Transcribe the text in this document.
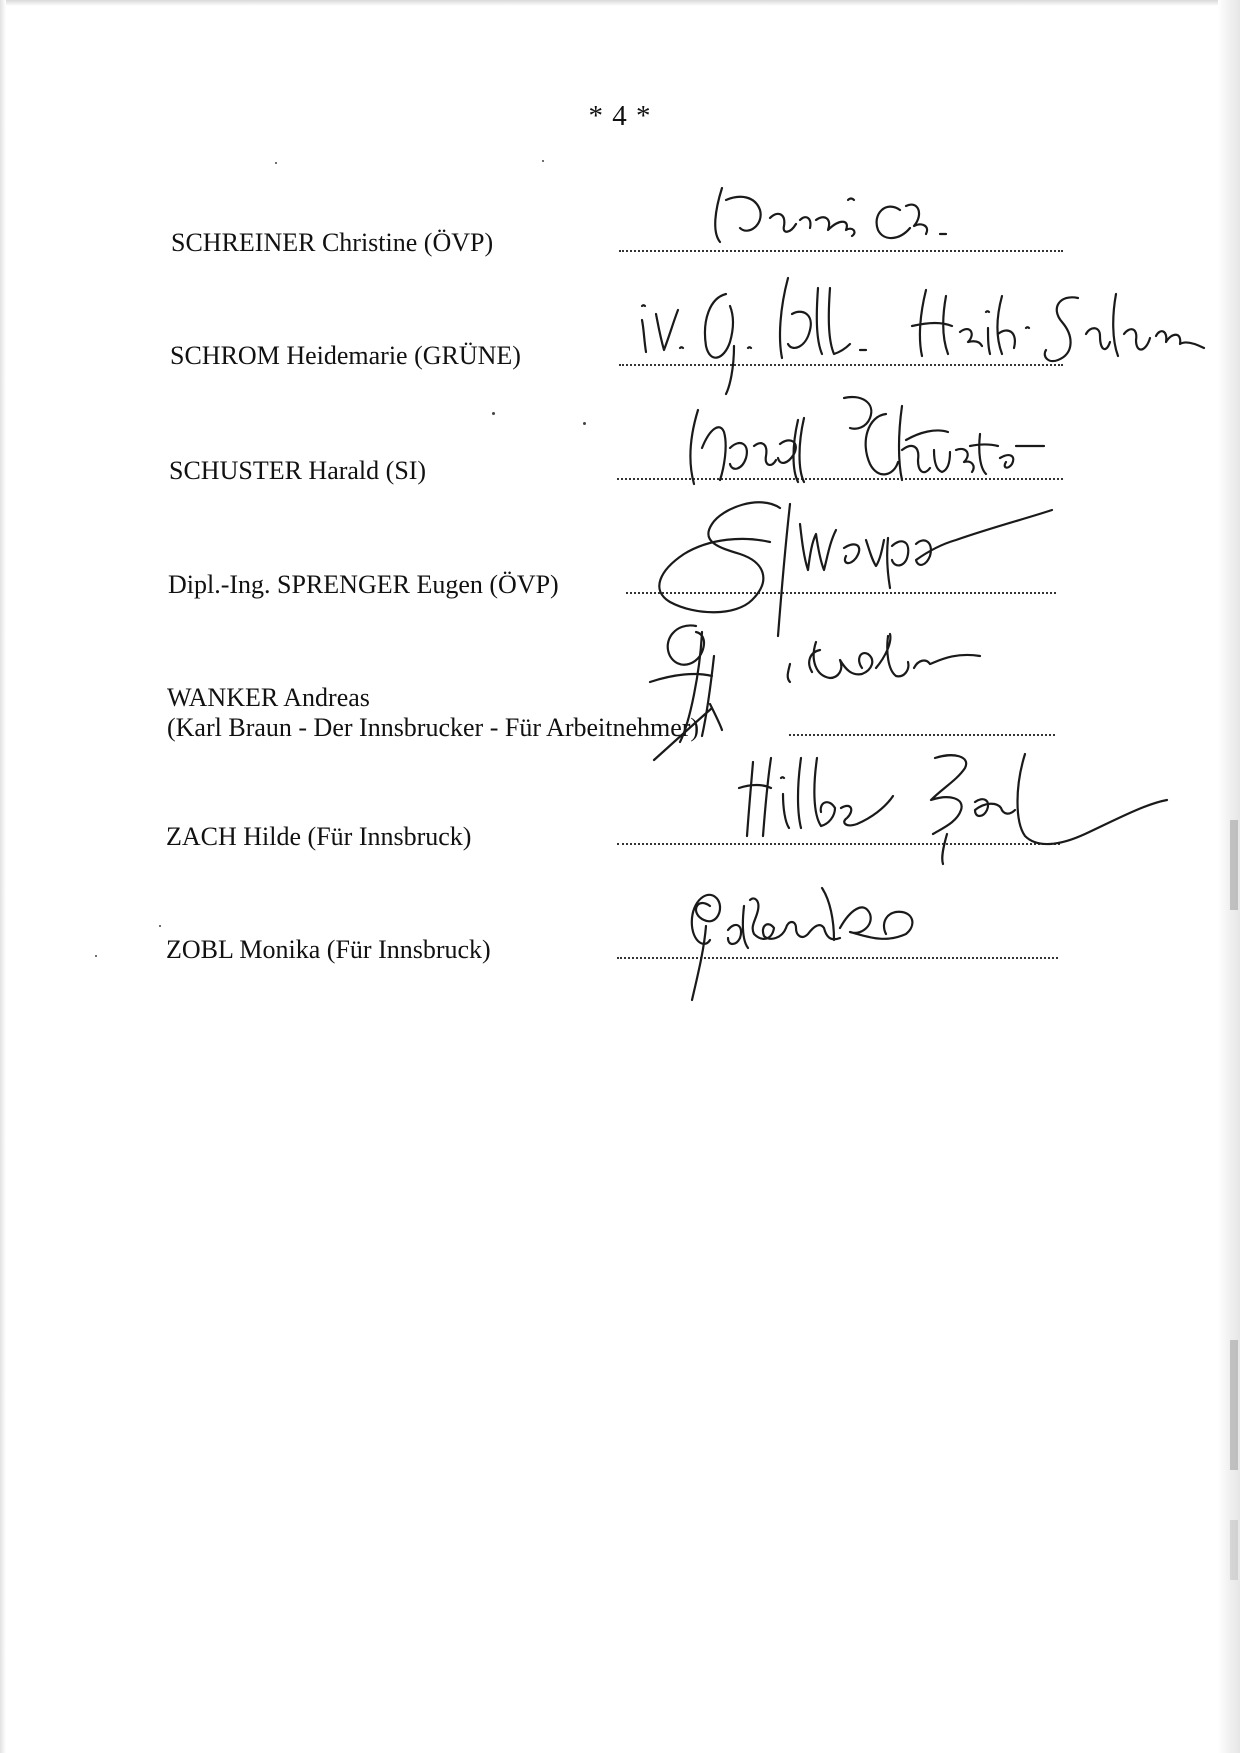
* 4 *
SCHREINER Christine (ÖVP)
SCHROM Heidemarie (GRÜNE)
SCHUSTER Harald (SI)
Dipl.-Ing. SPRENGER Eugen (ÖVP)
WANKER Andreas
(Karl Braun - Der Innsbrucker - Für Arbeitnehmer)
ZACH Hilde (Für Innsbruck)
ZOBL Monika (Für Innsbruck)
